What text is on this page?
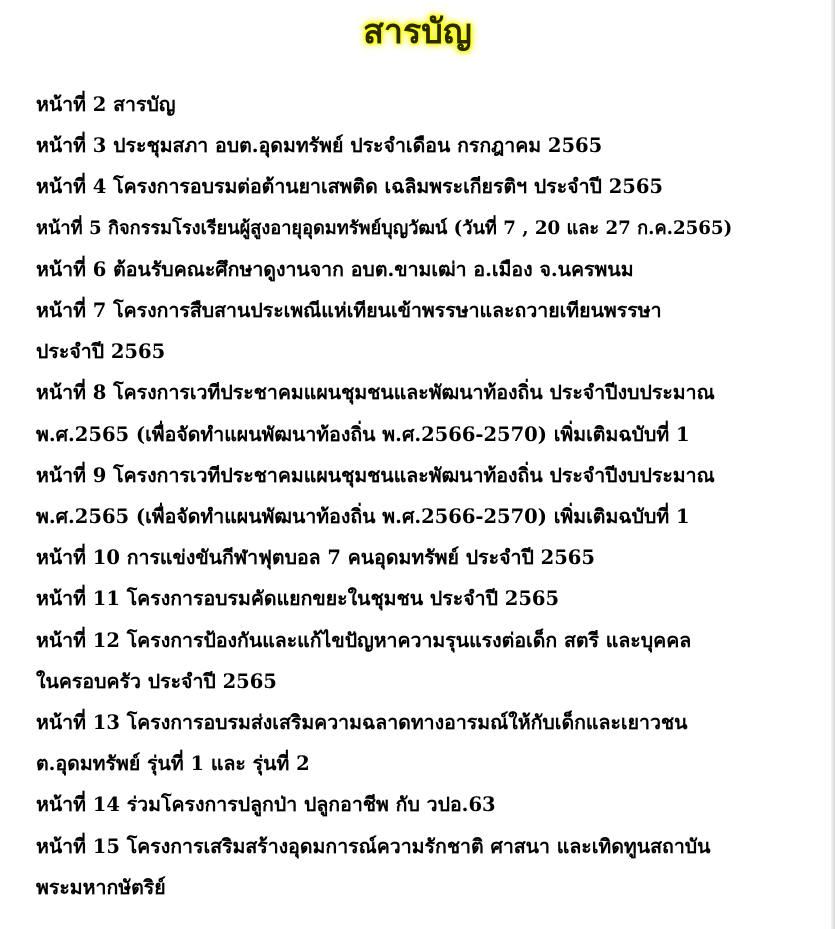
สารบัญ
หน้าที่ 2 สารบัญ
หน้าที่ 3 ประชุมสภา อบต.อุดมทรัพย์ ประจำเดือน กรกฎาคม 2565
หน้าที่ 4 โครงการอบรมต่อต้านยาเสพติด เฉลิมพระเกียรติฯ ประจำปี 2565
หน้าที่ 5 กิจกรรมโรงเรียนผู้สูงอายุอุดมทรัพย์บุญวัฒน์ (วันที่ 7 , 20 และ 27 ก.ค.2565)
หน้าที่ 6 ต้อนรับคณะศึกษาดูงานจาก อบต.ขามเฒ่า อ.เมือง จ.นครพนม
หน้าที่ 7 โครงการสืบสานประเพณีแห่เทียนเข้าพรรษาและถวายเทียนพรรษา
ประจำปี 2565
หน้าที่ 8 โครงการเวทีประชาคมแผนชุมชนและพัฒนาท้องถิ่น ประจำปีงบประมาณ
พ.ศ.2565 (เพื่อจัดทำแผนพัฒนาท้องถิ่น พ.ศ.2566-2570) เพิ่มเติมฉบับที่ 1
หน้าที่ 9 โครงการเวทีประชาคมแผนชุมชนและพัฒนาท้องถิ่น ประจำปีงบประมาณ
พ.ศ.2565 (เพื่อจัดทำแผนพัฒนาท้องถิ่น พ.ศ.2566-2570) เพิ่มเติมฉบับที่ 1
หน้าที่ 10 การแข่งขันกีฬาฟุตบอล 7 คนอุดมทรัพย์ ประจำปี 2565
หน้าที่ 11 โครงการอบรมคัดแยกขยะในชุมชน ประจำปี 2565
หน้าที่ 12 โครงการป้องกันและแก้ไขปัญหาความรุนแรงต่อเด็ก สตรี และบุคคล
ในครอบครัว ประจำปี 2565
หน้าที่ 13 โครงการอบรมส่งเสริมความฉลาดทางอารมณ์ให้กับเด็กและเยาวชน
ต.อุดมทรัพย์ รุ่นที่ 1 และ รุ่นที่ 2
หน้าที่ 14 ร่วมโครงการปลูกป่า ปลูกอาชีพ กับ วปอ.63
หน้าที่ 15 โครงการเสริมสร้างอุดมการณ์ความรักชาติ ศาสนา และเทิดทูนสถาบัน
พระมหากษัตริย์
